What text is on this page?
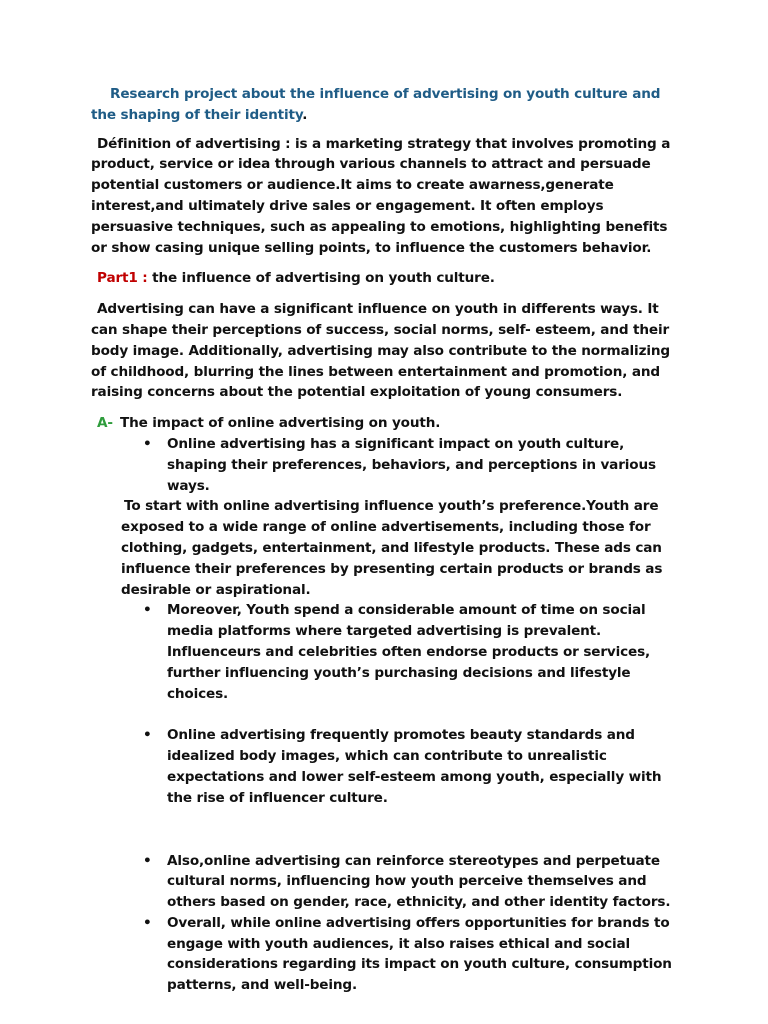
Research project about the influence of advertising on youth culture and the shaping of their identity.

Définition of advertising : is a marketing strategy that involves promoting a product, service or idea through various channels to attract and persuade potential customers or audience.It aims to create awarness,generate interest,and ultimately drive sales or engagement. It often employs persuasive techniques, such as appealing to emotions, highlighting benefits or show casing unique selling points, to influence the customers behavior.

Part1 : the influence of advertising on youth culture.

Advertising can have a significant influence on youth in differents ways. It can shape their perceptions of success, social norms, self- esteem, and their body image. Additionally, advertising may also contribute to the normalizing of childhood, blurring the lines between entertainment and promotion, and raising concerns about the potential exploitation of young consumers.

A- The impact of online advertising on youth.

• Online advertising has a significant impact on youth culture, shaping their preferences, behaviors, and perceptions in various ways.

To start with online advertising influence youth’s preference.Youth are exposed to a wide range of online advertisements, including those for clothing, gadgets, entertainment, and lifestyle products. These ads can influence their preferences by presenting certain products or brands as desirable or aspirational.

• Moreover, Youth spend a considerable amount of time on social media platforms where targeted advertising is prevalent. Influenceurs and celebrities often endorse products or services, further influencing youth’s purchasing decisions and lifestyle choices.
• Online advertising frequently promotes beauty standards and idealized body images, which can contribute to unrealistic expectations and lower self-esteem among youth, especially with the rise of influencer culture.
• Also,online advertising can reinforce stereotypes and perpetuate cultural norms, influencing how youth perceive themselves and others based on gender, race, ethnicity, and other identity factors.
• Overall, while online advertising offers opportunities for brands to engage with youth audiences, it also raises ethical and social considerations regarding its impact on youth culture, consumption patterns, and well-being.
